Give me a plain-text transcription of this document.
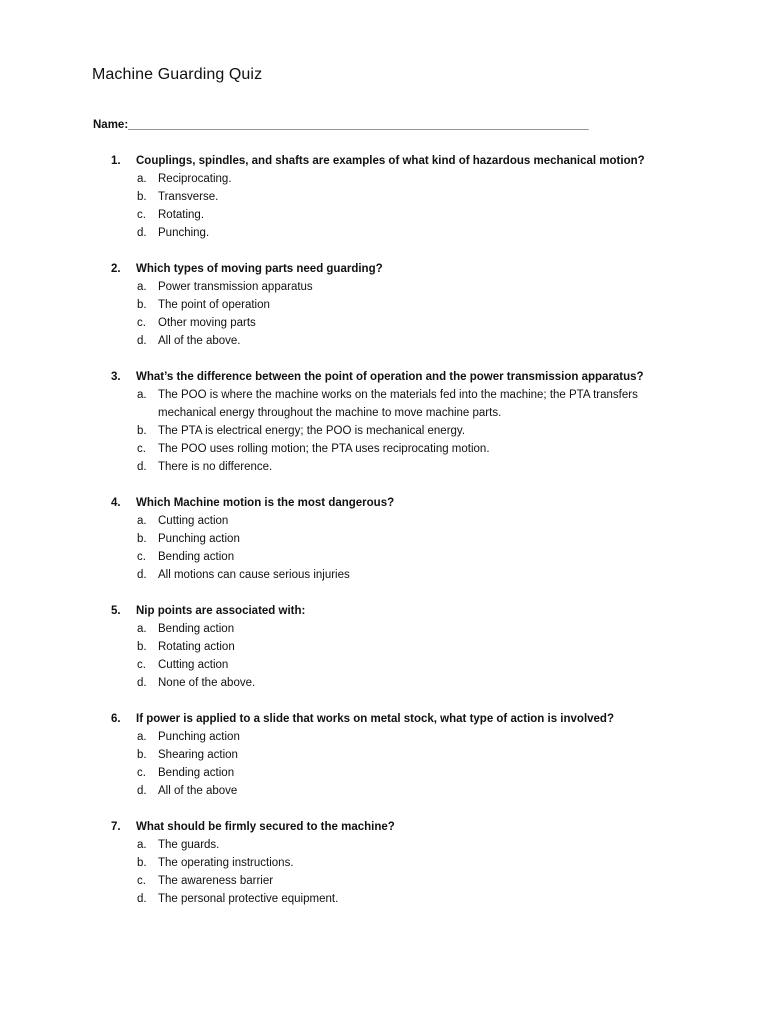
Machine Guarding Quiz
Name:________________________________________________________________________
1. Couplings, spindles, and shafts are examples of what kind of hazardous mechanical motion?
a. Reciprocating.
b. Transverse.
c. Rotating.
d. Punching.
2. Which types of moving parts need guarding?
a. Power transmission apparatus
b. The point of operation
c. Other moving parts
d. All of the above.
3. What’s the difference between the point of operation and the power transmission apparatus?
a. The POO is where the machine works on the materials fed into the machine; the PTA transfers mechanical energy throughout the machine to move machine parts.
b. The PTA is electrical energy; the POO is mechanical energy.
c. The POO uses rolling motion; the PTA uses reciprocating motion.
d. There is no difference.
4. Which Machine motion is the most dangerous?
a. Cutting action
b. Punching action
c. Bending action
d. All motions can cause serious injuries
5. Nip points are associated with:
a. Bending action
b. Rotating action
c. Cutting action
d. None of the above.
6. If power is applied to a slide that works on metal stock, what type of action is involved?
a. Punching action
b. Shearing action
c. Bending action
d. All of the above
7. What should be firmly secured to the machine?
a. The guards.
b. The operating instructions.
c. The awareness barrier
d. The personal protective equipment.
